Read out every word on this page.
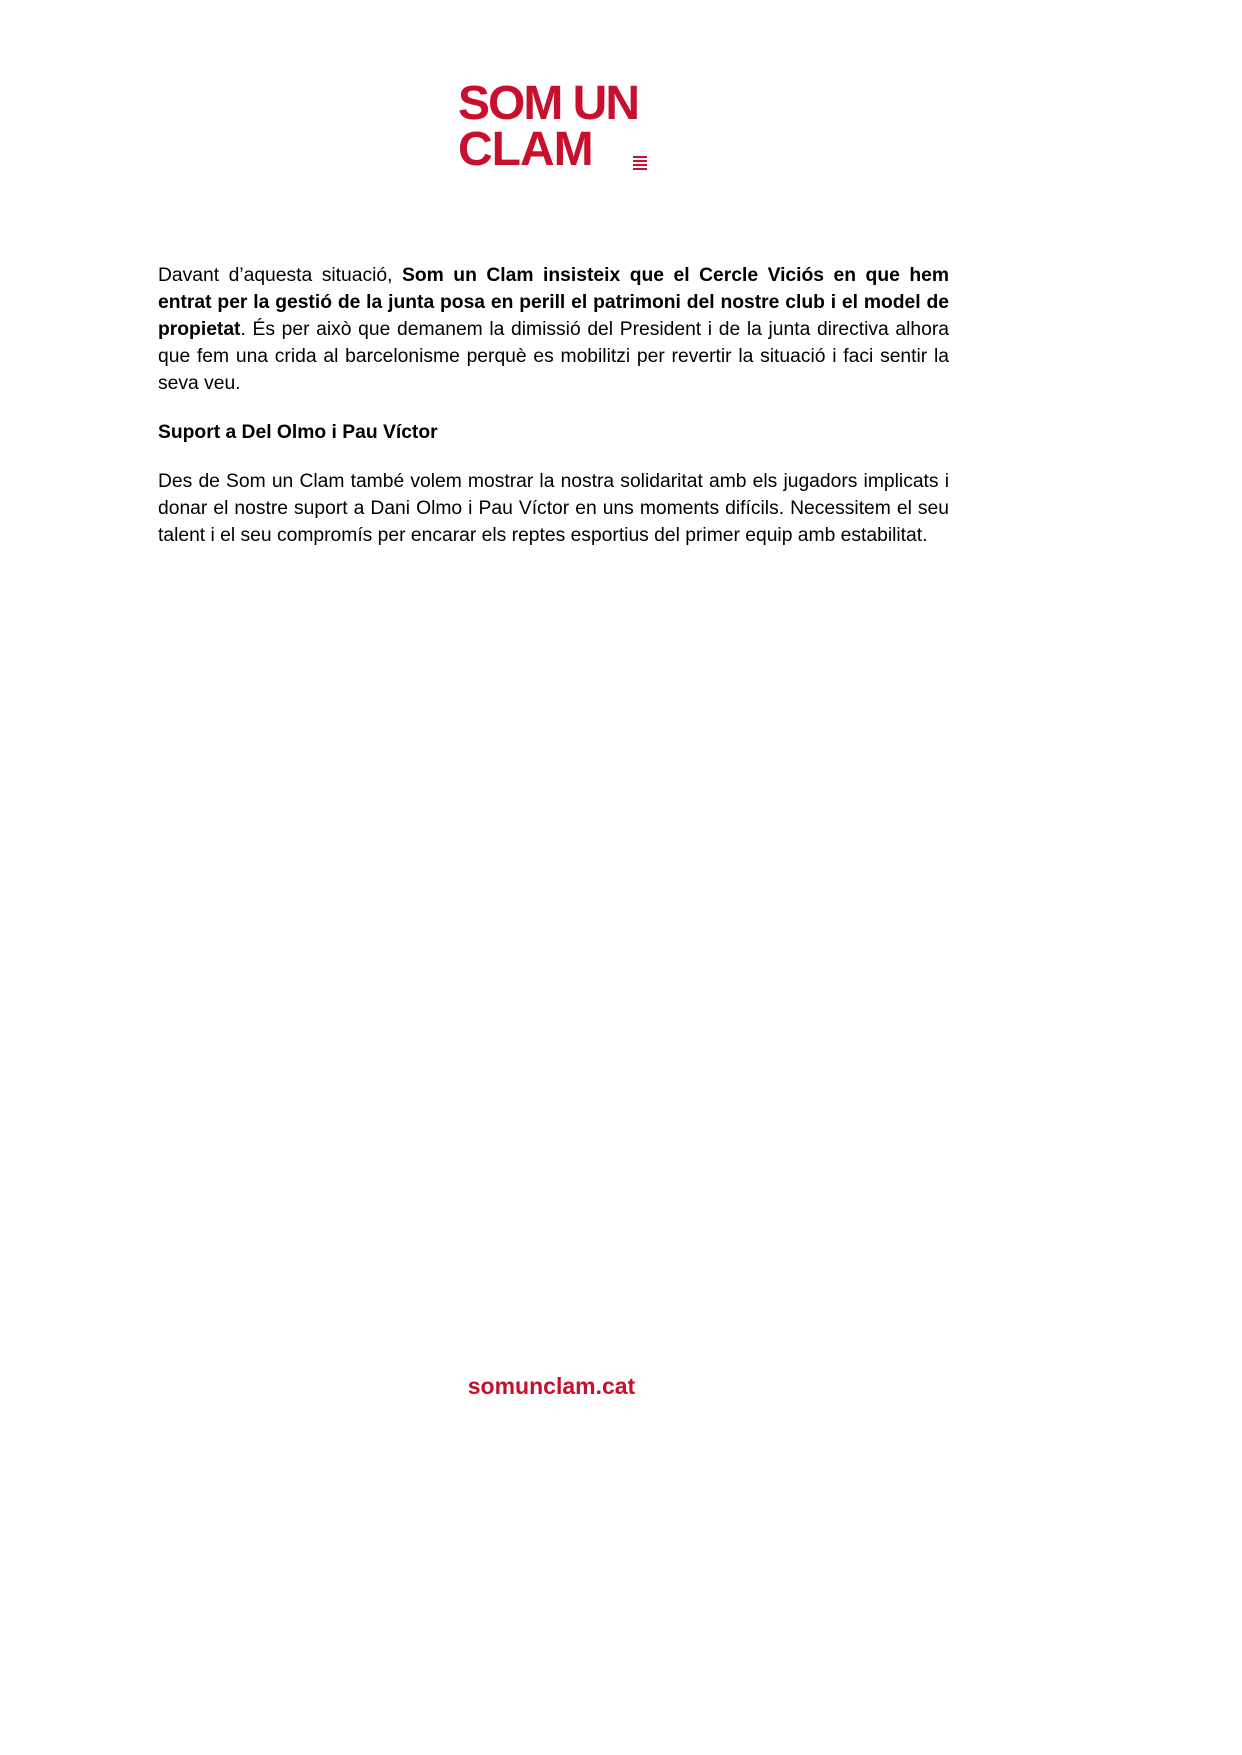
SOM UN
CLAM

Davant d’aquesta situació, Som un Clam insisteix que el Cercle Viciós en que hem entrat per la gestió de la junta posa en perill el patrimoni del nostre club i el model de propietat. És per això que demanem la dimissió del President i de la junta directiva alhora que fem una crida al barcelonisme perquè es mobilitzi per revertir la situació i faci sentir la seva veu.

Suport a Del Olmo i Pau Víctor

Des de Som un Clam també volem mostrar la nostra solidaritat amb els jugadors implicats i donar el nostre suport a Dani Olmo i Pau Víctor en uns moments difícils. Necessitem el seu talent i el seu compromís per encarar els reptes esportius del primer equip amb estabilitat.

somunclam.cat
